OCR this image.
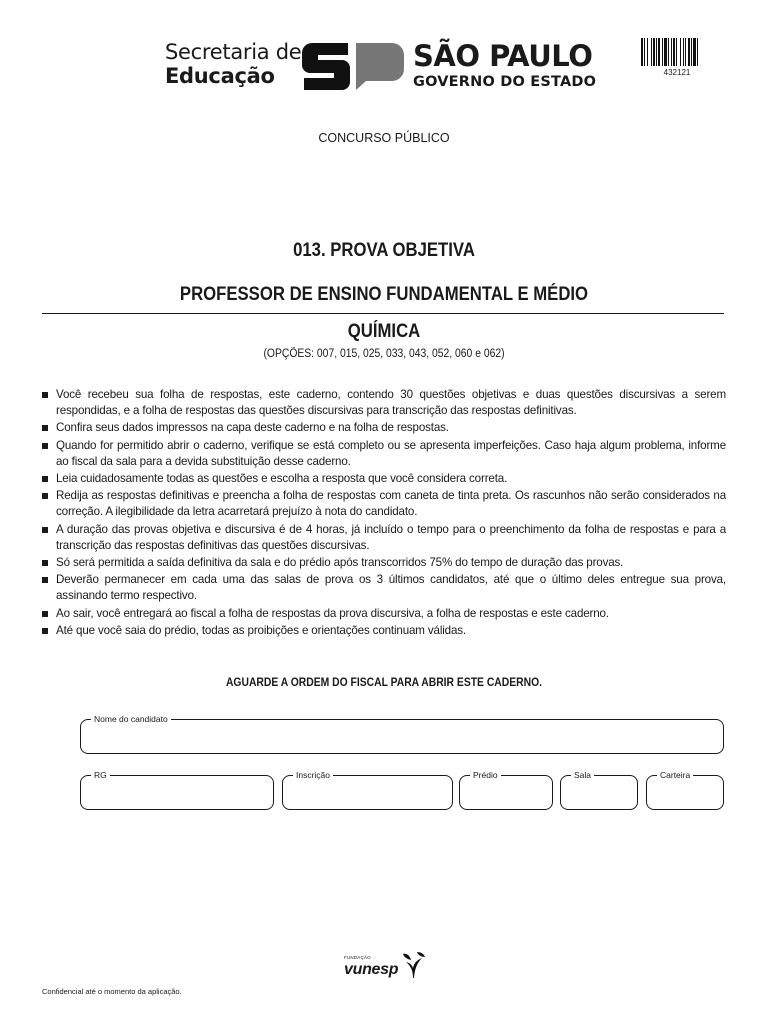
Secretaria de
Educação
SÃO PAULO
GOVERNO DO ESTADO
432121
CONCURSO PÚBLICO
013. PROVA OBJETIVA
PROFESSOR DE ENSINO FUNDAMENTAL E MÉDIO
QUÍMICA
(OPÇÕES: 007, 015, 025, 033, 043, 052, 060 e 062)
Você recebeu sua folha de respostas, este caderno, contendo 30 questões objetivas e duas questões discursivas a serem respondidas, e a folha de respostas das questões discursivas para transcrição das respostas definitivas.
Confira seus dados impressos na capa deste caderno e na folha de respostas.
Quando for permitido abrir o caderno, verifique se está completo ou se apresenta imperfeições. Caso haja algum problema, informe ao fiscal da sala para a devida substituição desse caderno.
Leia cuidadosamente todas as questões e escolha a resposta que você considera correta.
Redija as respostas definitivas e preencha a folha de respostas com caneta de tinta preta. Os rascunhos não serão considerados na correção. A ilegibilidade da letra acarretará prejuízo à nota do candidato.
A duração das provas objetiva e discursiva é de 4 horas, já incluído o tempo para o preenchimento da folha de respostas e para a transcrição das respostas definitivas das questões discursivas.
Só será permitida a saída definitiva da sala e do prédio após transcorridos 75% do tempo de duração das provas.
Deverão permanecer em cada uma das salas de prova os 3 últimos candidatos, até que o último deles entregue sua prova, assinando termo respectivo.
Ao sair, você entregará ao fiscal a folha de respostas da prova discursiva, a folha de respostas e este caderno.
Até que você saia do prédio, todas as proibições e orientações continuam válidas.
AGUARDE A ORDEM DO FISCAL PARA ABRIR ESTE CADERNO.
Nome do candidato
RG	Inscrição	Prédio	Sala	Carteira
FUNDAÇÃO
vunesp
Confidencial até o momento da aplicação.
